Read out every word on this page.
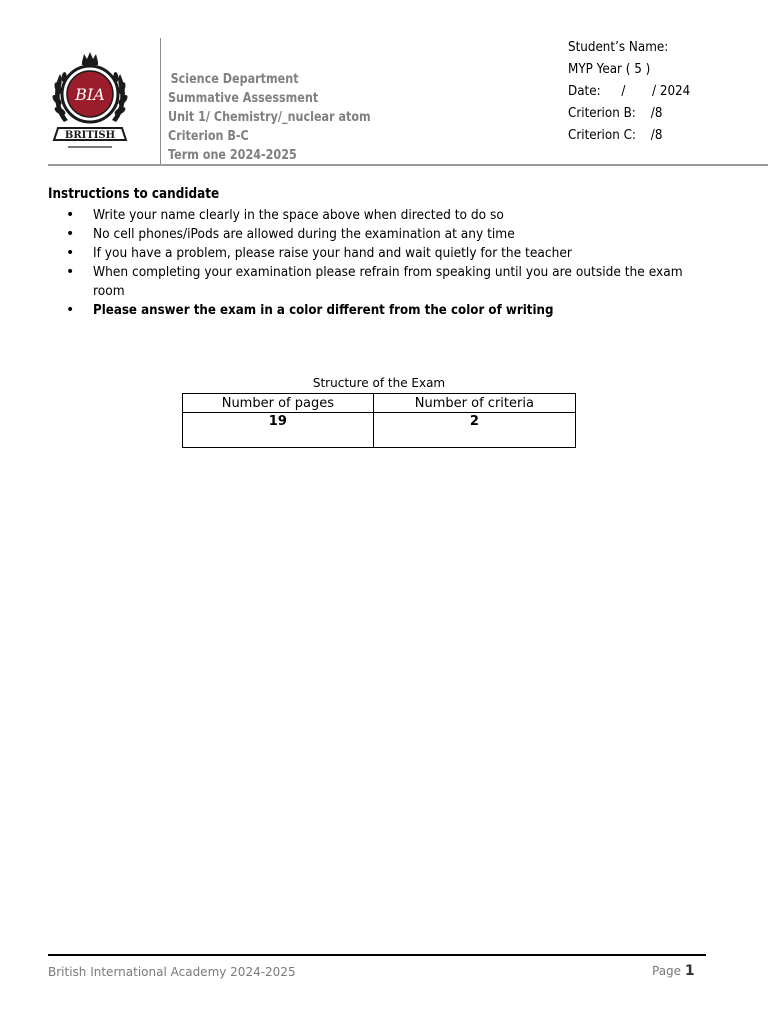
BIA
BRITISH
Science Department
Summative Assessment
Unit 1/ Chemistry/_nuclear atom
Criterion B-C
Term one 2024-2025
Student’s Name:
MYP Year ( 5 )
Date: /       / 2024
Criterion B: /8
Criterion C: /8
Instructions to candidate
• Write your name clearly in the space above when directed to do so
• No cell phones/iPods are allowed during the examination at any time
• If you have a problem, please raise your hand and wait quietly for the teacher
• When completing your examination please refrain from speaking until you are outside the exam room
• Please answer the exam in a color different from the color of writing
Structure of the Exam
Number of pages	Number of criteria
19	2
British International Academy 2024-2025	Page 1
